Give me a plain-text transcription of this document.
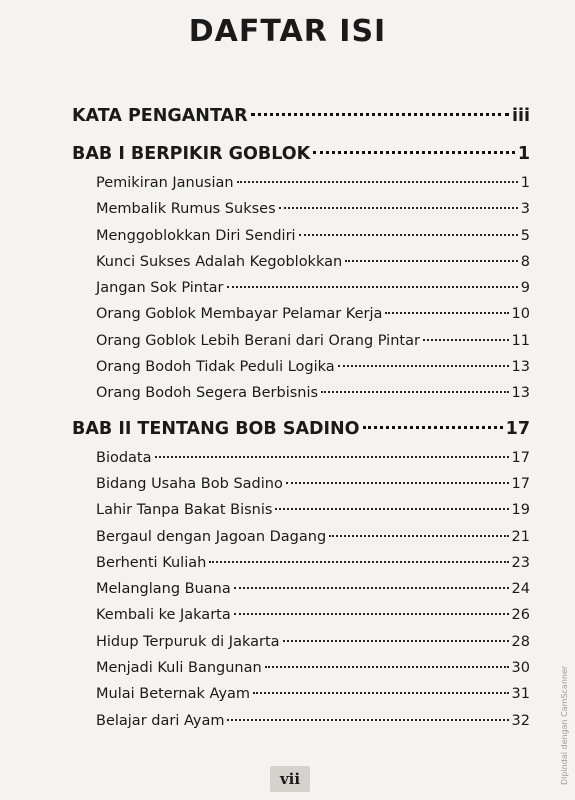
DAFTAR ISI
KATA PENGANTAR	iii
BAB I BERPIKIR GOBLOK	1
Pemikiran Janusian	1
Membalik Rumus Sukses	3
Menggoblokkan Diri Sendiri	5
Kunci Sukses Adalah Kegoblokkan	8
Jangan Sok Pintar	9
Orang Goblok Membayar Pelamar Kerja	10
Orang Goblok Lebih Berani dari Orang Pintar	11
Orang Bodoh Tidak Peduli Logika	13
Orang Bodoh Segera Berbisnis	13
BAB II TENTANG BOB SADINO	17
Biodata	17
Bidang Usaha Bob Sadino	17
Lahir Tanpa Bakat Bisnis	19
Bergaul dengan Jagoan Dagang	21
Berhenti Kuliah	23
Melanglang Buana	24
Kembali ke Jakarta	26
Hidup Terpuruk di Jakarta	28
Menjadi Kuli Bangunan	30
Mulai Beternak Ayam	31
Belajar dari Ayam	32
vii	Dipindai dengan CamScanner
